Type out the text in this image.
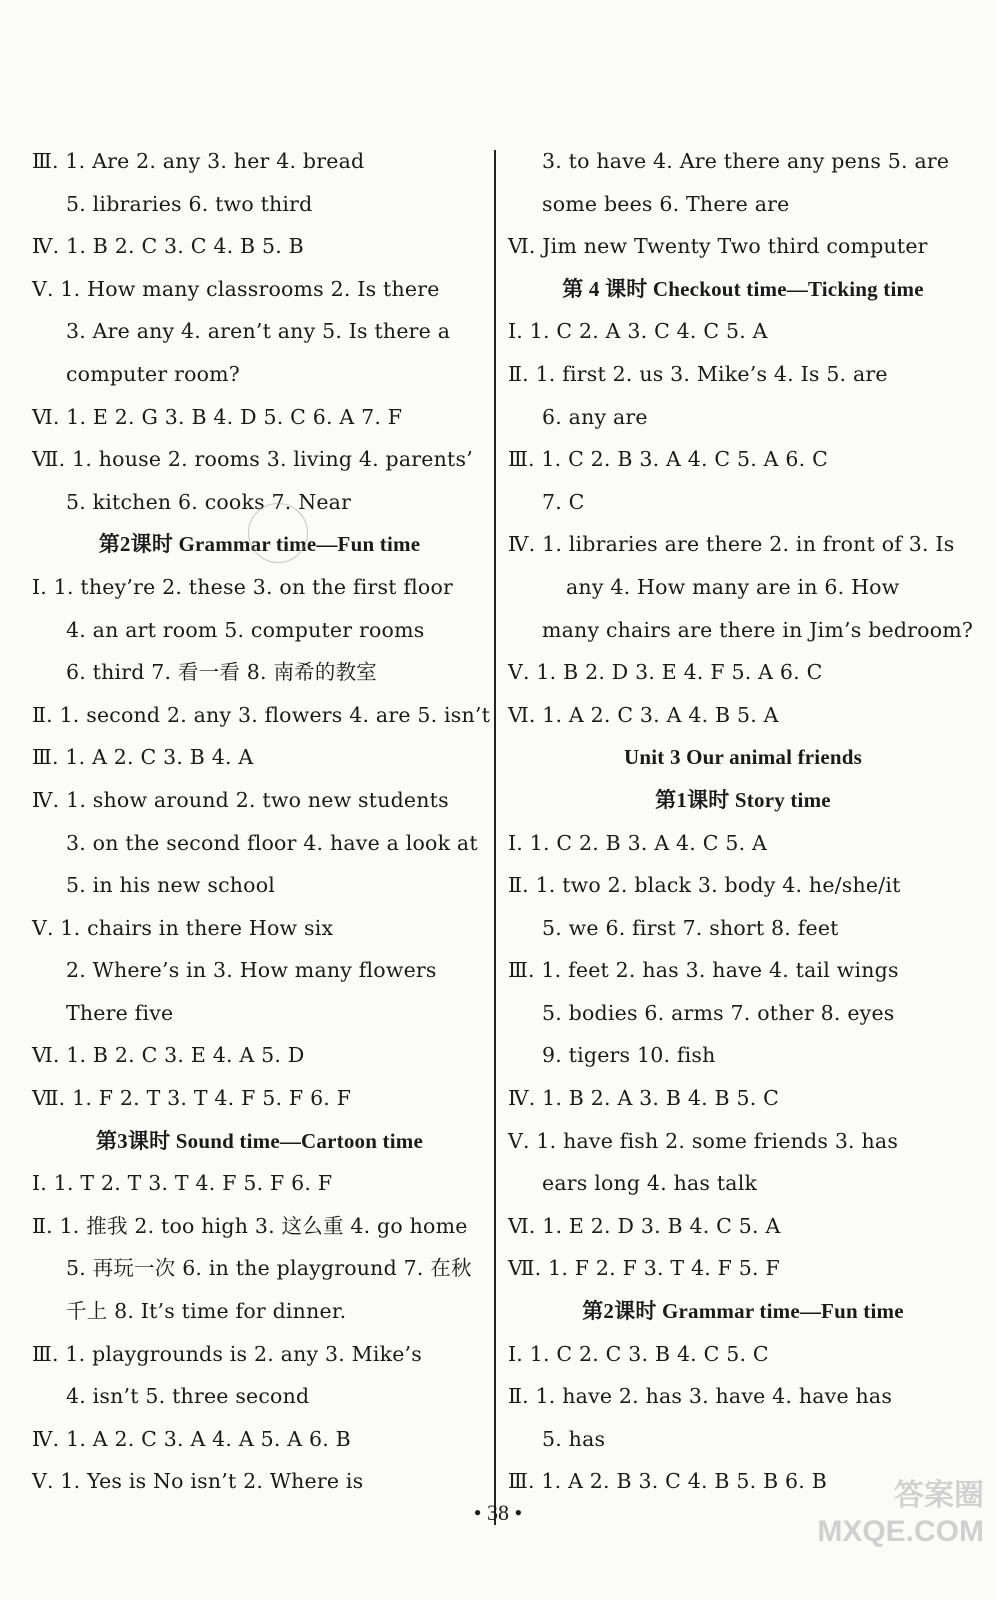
Ⅲ. 1. Are 2. any 3. her 4. bread
5. libraries 6. two third
Ⅳ. 1. B 2. C 3. C 4. B 5. B
Ⅴ. 1. How many classrooms 2. Is there
3. Are any 4. aren’t any 5. Is there a
computer room?
Ⅵ. 1. E 2. G 3. B 4. D 5. C 6. A 7. F
Ⅶ. 1. house 2. rooms 3. living 4. parents’
5. kitchen 6. cooks 7. Near
第2课时 Grammar time—Fun time
Ⅰ. 1. they’re 2. these 3. on the first floor
4. an art room 5. computer rooms
6. third 7. 看一看 8. 南希的教室
Ⅱ. 1. second 2. any 3. flowers 4. are 5. isn’t
Ⅲ. 1. A 2. C 3. B 4. A
Ⅳ. 1. show around 2. two new students
3. on the second floor 4. have a look at
5. in his new school
Ⅴ. 1. chairs in there How six
2. Where’s in 3. How many flowers
There five
Ⅵ. 1. B 2. C 3. E 4. A 5. D
Ⅶ. 1. F 2. T 3. T 4. F 5. F 6. F
第3课时 Sound time—Cartoon time
Ⅰ. 1. T 2. T 3. T 4. F 5. F 6. F
Ⅱ. 1. 推我 2. too high 3. 这么重 4. go home
5. 再玩一次 6. in the playground 7. 在秋
千上 8. It’s time for dinner.
Ⅲ. 1. playgrounds is 2. any 3. Mike’s
4. isn’t 5. three second
Ⅳ. 1. A 2. C 3. A 4. A 5. A 6. B
Ⅴ. 1. Yes is No isn’t 2. Where is
3. to have 4. Are there any pens 5. are
some bees 6. There are
Ⅵ. Jim new Twenty Two third computer
第 4 课时 Checkout time—Ticking time
Ⅰ. 1. C 2. A 3. C 4. C 5. A
Ⅱ. 1. first 2. us 3. Mike’s 4. Is 5. are
6. any are
Ⅲ. 1. C 2. B 3. A 4. C 5. A 6. C
7. C
Ⅳ. 1. libraries are there 2. in front of 3. Is
any 4. How many are in 6. How
many chairs are there in Jim’s bedroom?
Ⅴ. 1. B 2. D 3. E 4. F 5. A 6. C
Ⅵ. 1. A 2. C 3. A 4. B 5. A
Unit 3 Our animal friends
第1课时 Story time
Ⅰ. 1. C 2. B 3. A 4. C 5. A
Ⅱ. 1. two 2. black 3. body 4. he/she/it
5. we 6. first 7. short 8. feet
Ⅲ. 1. feet 2. has 3. have 4. tail wings
5. bodies 6. arms 7. other 8. eyes
9. tigers 10. fish
Ⅳ. 1. B 2. A 3. B 4. B 5. C
Ⅴ. 1. have fish 2. some friends 3. has
ears long 4. has talk
Ⅵ. 1. E 2. D 3. B 4. C 5. A
Ⅶ. 1. F 2. F 3. T 4. F 5. F
第2课时 Grammar time—Fun time
Ⅰ. 1. C 2. C 3. B 4. C 5. C
Ⅱ. 1. have 2. has 3. have 4. have has
5. has
Ⅲ. 1. A 2. B 3. C 4. B 5. B 6. B
• 38 •
答案圈
MXQE.COM
